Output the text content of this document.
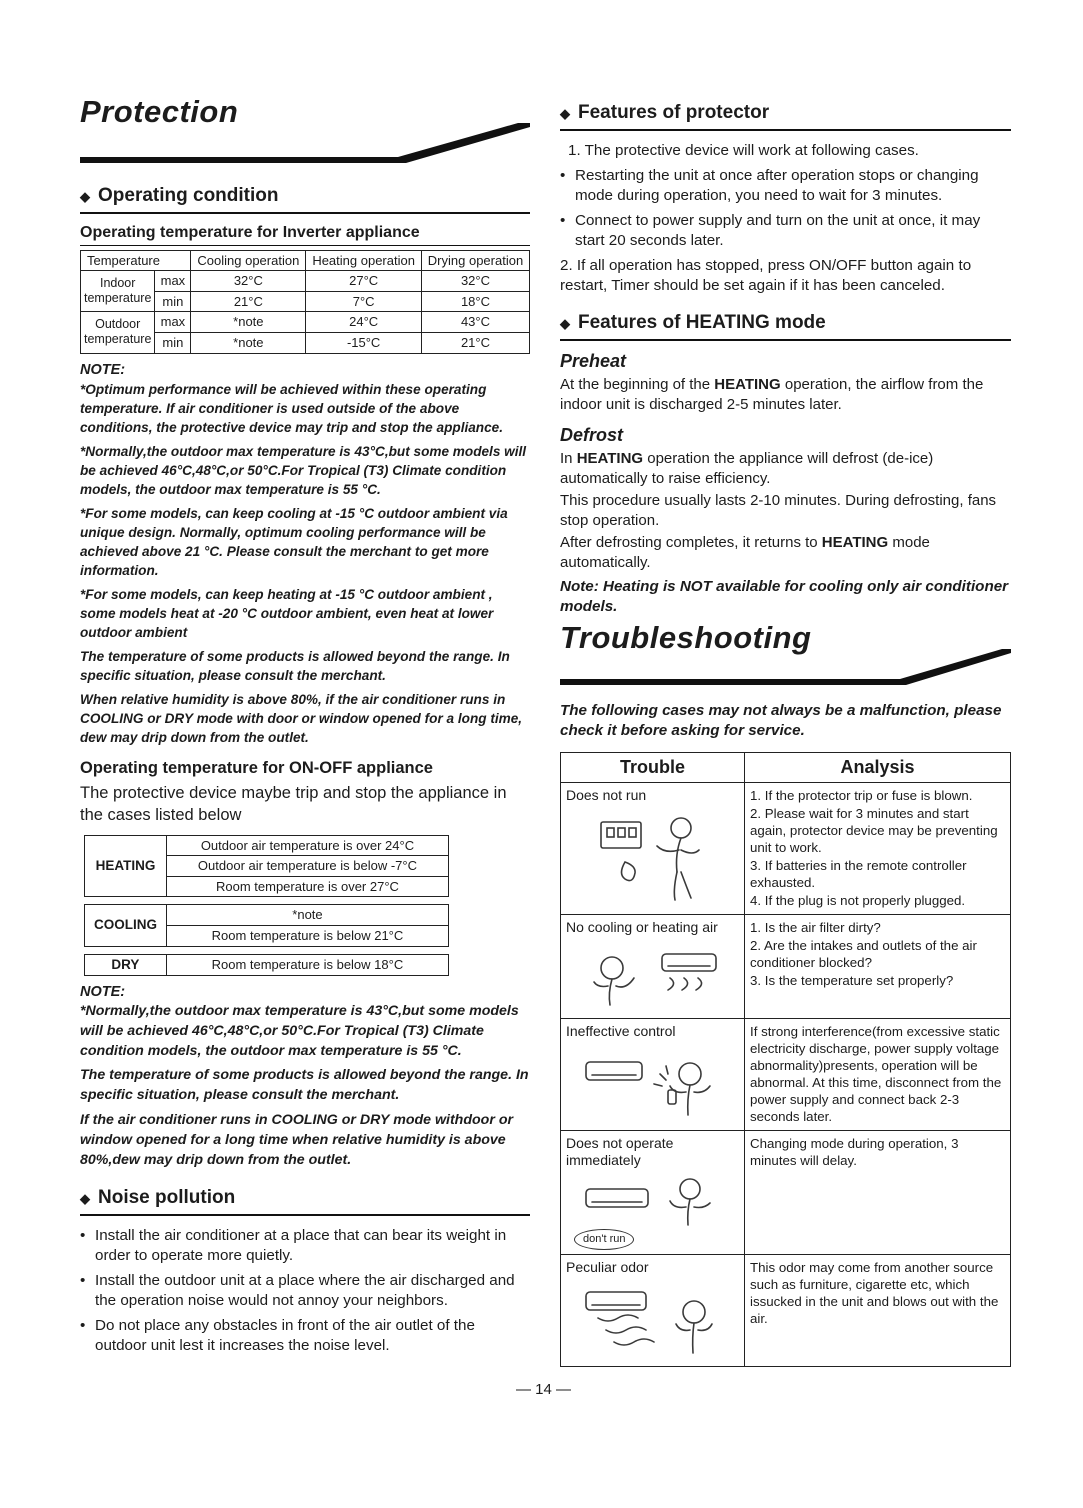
Protection
◆ Operating condition
Operating temperature for Inverter appliance
Temperature		Cooling operation	Heating operation	Drying operation
Indoor temperature	max	32°C	27°C	32°C
	min	21°C	7°C	18°C
Outdoor temperature	max	*note	24°C	43°C
	min	*note	-15°C	21°C
NOTE:

*Optimum performance will be achieved within these operating temperature. If air conditioner is used outside of the above conditions, the protective device may trip and stop the appliance.

*Normally,the outdoor max temperature is 43°C,but some models will be achieved 46°C,48°C,or 50°C.For Tropical (T3) Climate condition models, the outdoor max temperature is 55 °C.

*For some models, can keep cooling at -15 °C outdoor ambient via unique design. Normally, optimum cooling performance will be achieved above 21 °C. Please consult the merchant to get more information.

*For some models, can keep heating at -15 °C outdoor ambient , some models heat at -20 °C outdoor ambient, even heat at lower outdoor ambient

The temperature of some products is allowed beyond the range. In specific situation, please consult the merchant.

When relative humidity is above 80%, if the air conditioner runs in COOLING or DRY mode with door or window opened for a long time, dew may drip down from the outlet.

Operating temperature for ON-OFF appliance

The protective device maybe trip and stop the appliance in the cases listed below

HEATING	Outdoor air temperature is over 24°C
Outdoor air temperature is below -7°C
Room temperature is over 27°C
COOLING	*note
Room temperature is below 21°C
DRY	Room temperature is below 18°C
NOTE:

*Normally,the outdoor max temperature is 43°C,but some models will be achieved 46°C,48°C,or 50°C.For Tropical (T3) Climate condition models, the outdoor max temperature is 55 °C.

The temperature of some products is allowed beyond the range. In specific situation, please consult the merchant.

If the air conditioner runs in COOLING or DRY mode withdoor or window opened for a long time when relative humidity is above 80%,dew may drip down from the outlet.

◆ Noise pollution
• Install the air conditioner at a place that can bear its weight in order to operate more quietly.
• Install the outdoor unit at a place where the air discharged and the operation noise would not annoy your neighbors.
• Do not place any obstacles in front of the air outlet of the outdoor unit lest it increases the noise level.
◆ Features of protector
1. The protective device will work at following cases.
• Restarting the unit at once after operation stops or changing mode during operation, you need to wait for 3 minutes.
• Connect to power supply and turn on the unit at once, it may start 20 seconds later.
2. If all operation has stopped, press ON/OFF button again to restart, Timer should be set again if it has been canceled.
◆ Features of HEATING mode
Preheat

At the beginning of the HEATING operation, the airflow from the indoor unit is discharged 2-5 minutes later.

Defrost

In HEATING operation the appliance will defrost (de-ice) automatically to raise efficiency.

This procedure usually lasts 2-10 minutes. During defrosting, fans stop operation.

After defrosting completes, it returns to HEATING mode automatically.

Note: Heating is NOT available for cooling only air conditioner models.

Troubleshooting

The following cases may not always be a malfunction, please check it before asking for service.

Trouble	Analysis

Does not run	1. If the protector trip or fuse is blown.
2. Please wait for 3 minutes and start again, protector device may be preventing unit to work.
3. If batteries in the remote controller exhausted.
4. If the plug is not properly plugged.

No cooling or heating air	1. Is the air filter dirty?
2. Are the intakes and outlets of the air conditioner blocked?
3. Is the temperature set properly?

Ineffective control	If strong interference(from excessive static electricity discharge, power supply voltage abnormality)presents, operation will be abnormal. At this time, disconnect from the power supply and connect back 2-3 seconds later.

Does not operate immediately
don't run	Changing mode during operation, 3 minutes will delay.

Peculiar odor	This odor may come from another source such as furniture, cigarette etc, which issucked in the unit and blows out with the air.
— 14 —
